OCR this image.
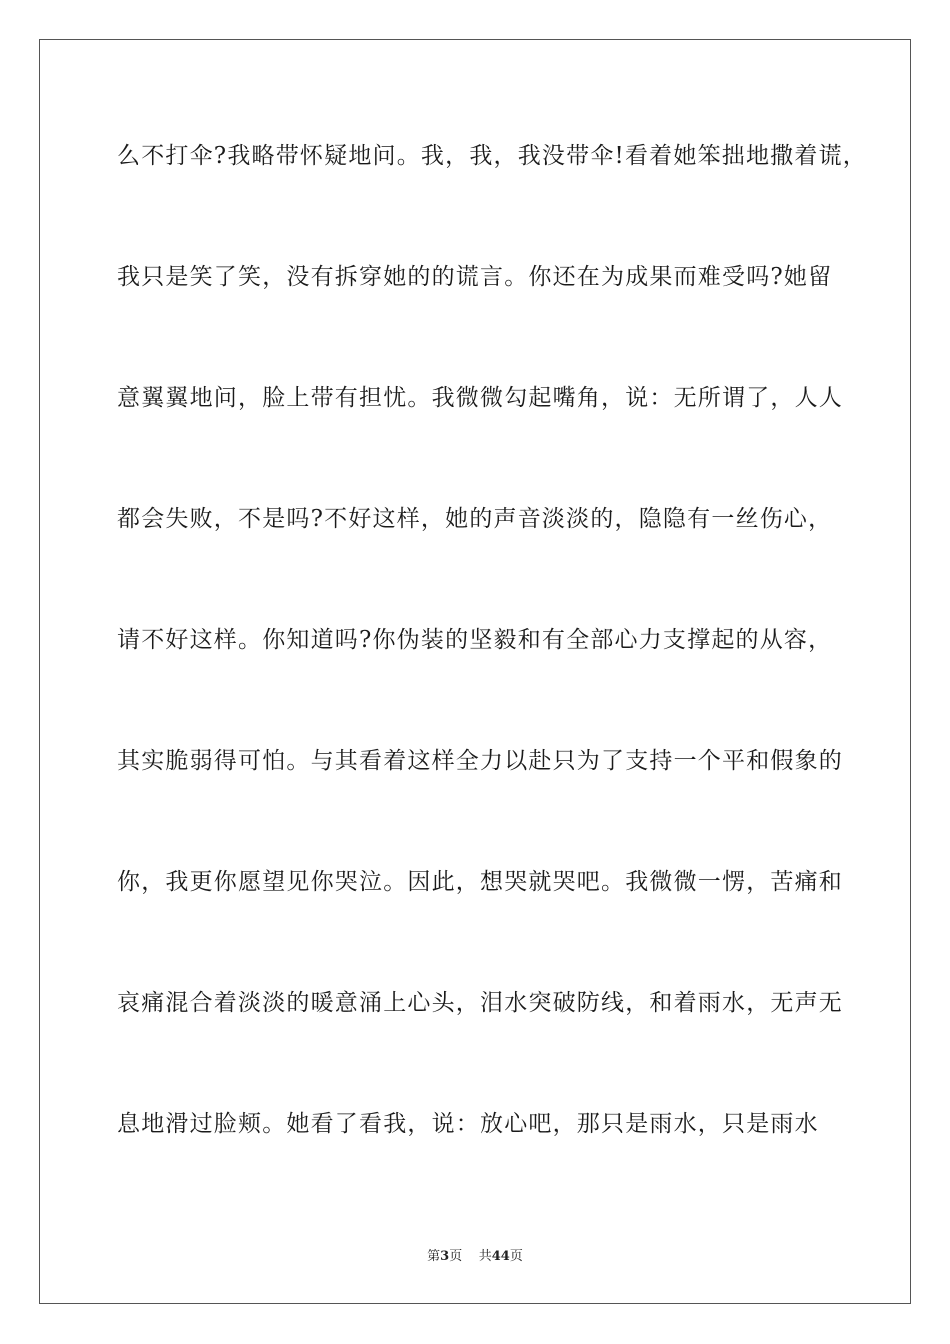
么不打伞?我略带怀疑地问。我，我，我没带伞!看着她笨拙地撒着谎，
我只是笑了笑，没有拆穿她的的谎言。你还在为成果而难受吗?她留
意翼翼地问，脸上带有担忧。我微微勾起嘴角，说：无所谓了，人人
都会失败，不是吗?不好这样，她的声音淡淡的，隐隐有一丝伤心，
请不好这样。你知道吗?你伪装的坚毅和有全部心力支撑起的从容，
其实脆弱得可怕。与其看着这样全力以赴只为了支持一个平和假象的
你，我更你愿望见你哭泣。因此，想哭就哭吧。我微微一愣，苦痛和
哀痛混合着淡淡的暖意涌上心头，泪水突破防线，和着雨水，无声无
息地滑过脸颊。她看了看我，说：放心吧，那只是雨水，只是雨水
第3页 共44页
